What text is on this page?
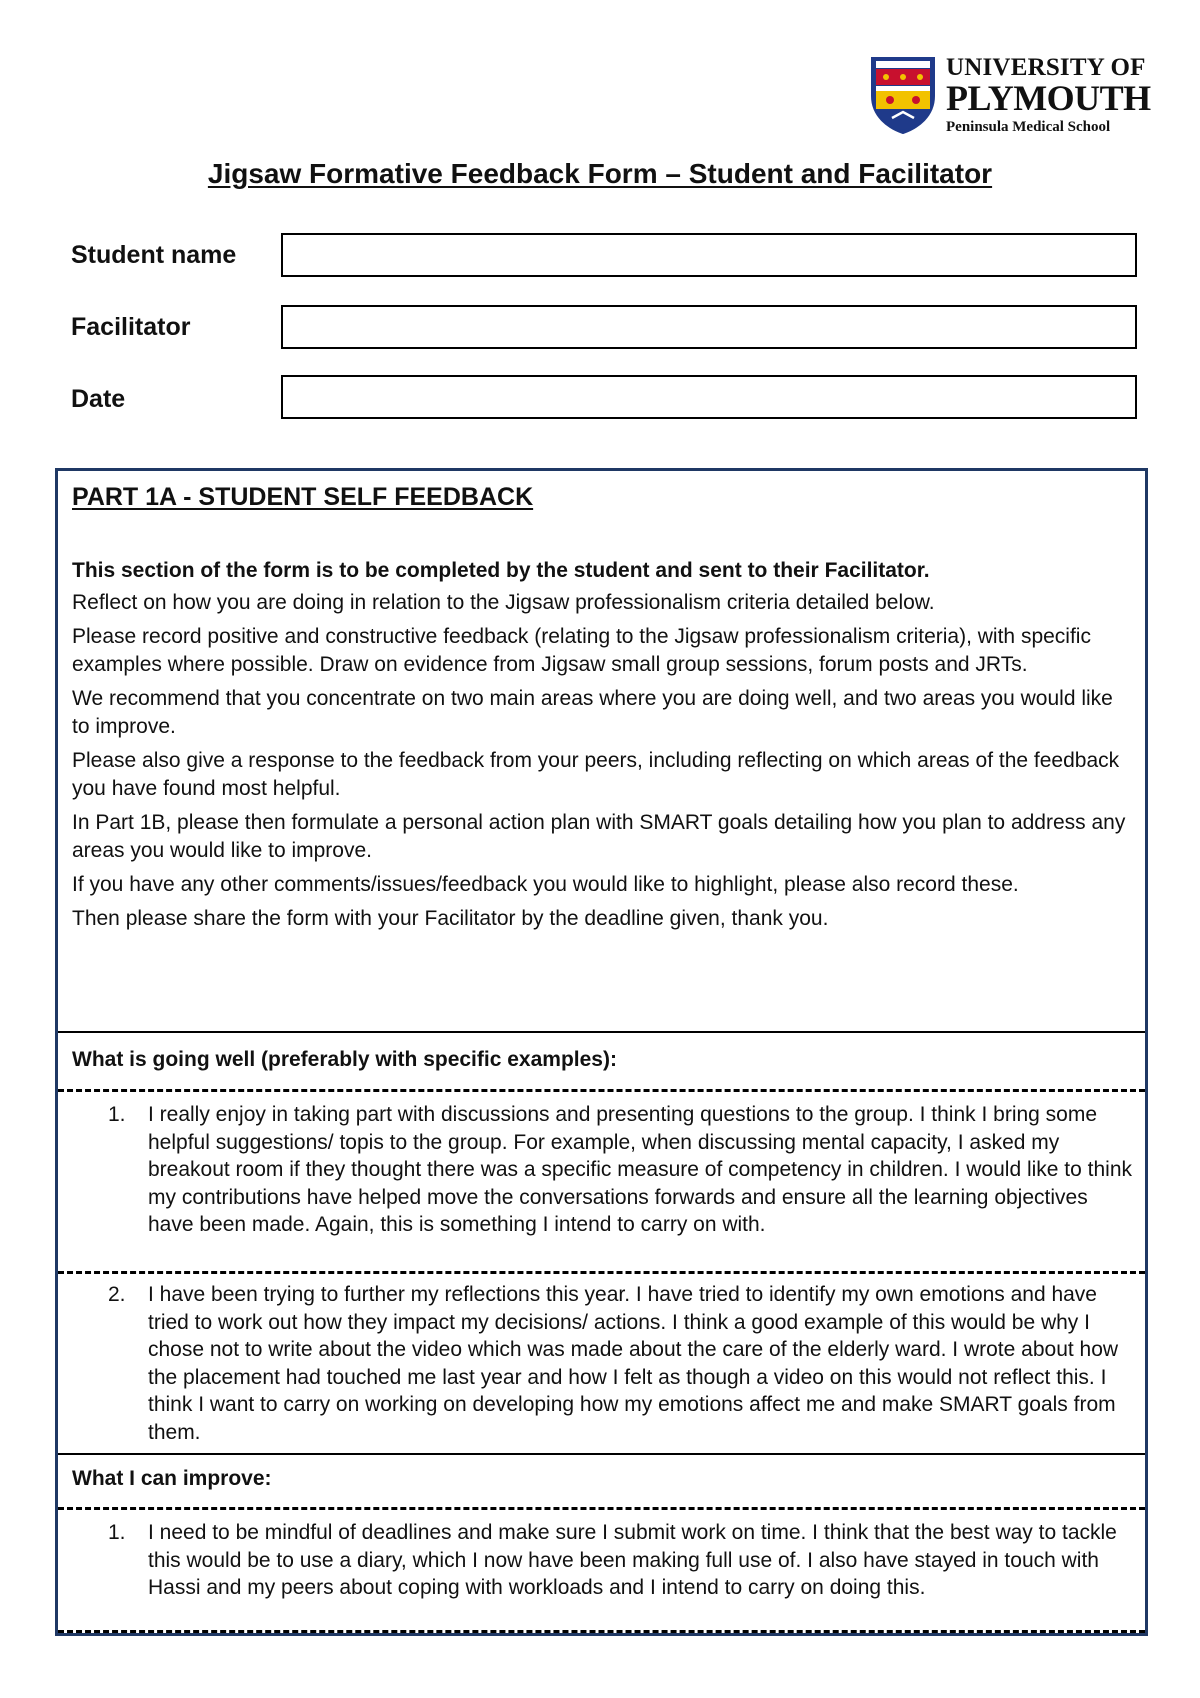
UNIVERSITY OF
PLYMOUTH
Peninsula Medical School
Jigsaw Formative Feedback Form – Student and Facilitator
Student name
Facilitator
Date
PART 1A - STUDENT SELF FEEDBACK

This section of the form is to be completed by the student and sent to their Facilitator.

Reflect on how you are doing in relation to the Jigsaw professionalism criteria detailed below.

Please record positive and constructive feedback (relating to the Jigsaw professionalism criteria), with specific examples where possible. Draw on evidence from Jigsaw small group sessions, forum posts and JRTs.

We recommend that you concentrate on two main areas where you are doing well, and two areas you would like to improve.

Please also give a response to the feedback from your peers, including reflecting on which areas of the feedback you have found most helpful.

In Part 1B, please then formulate a personal action plan with SMART goals detailing how you plan to address any areas you would like to improve.

If you have any other comments/issues/feedback you would like to highlight, please also record these.

Then please share the form with your Facilitator by the deadline given, thank you.

What is going well (preferably with specific examples):
1. I really enjoy in taking part with discussions and presenting questions to the group. I think I bring some helpful suggestions/ topis to the group. For example, when discussing mental capacity, I asked my breakout room if they thought there was a specific measure of competency in children. I would like to think my contributions have helped move the conversations forwards and ensure all the learning objectives have been made. Again, this is something I intend to carry on with.
2. I have been trying to further my reflections this year. I have tried to identify my own emotions and have tried to work out how they impact my decisions/ actions. I think a good example of this would be why I chose not to write about the video which was made about the care of the elderly ward. I wrote about how the placement had touched me last year and how I felt as though a video on this would not reflect this. I think I want to carry on working on developing how my emotions affect me and make SMART goals from them.
What I can improve:
1. I need to be mindful of deadlines and make sure I submit work on time. I think that the best way to tackle this would be to use a diary, which I now have been making full use of. I also have stayed in touch with Hassi and my peers about coping with workloads and I intend to carry on doing this.
